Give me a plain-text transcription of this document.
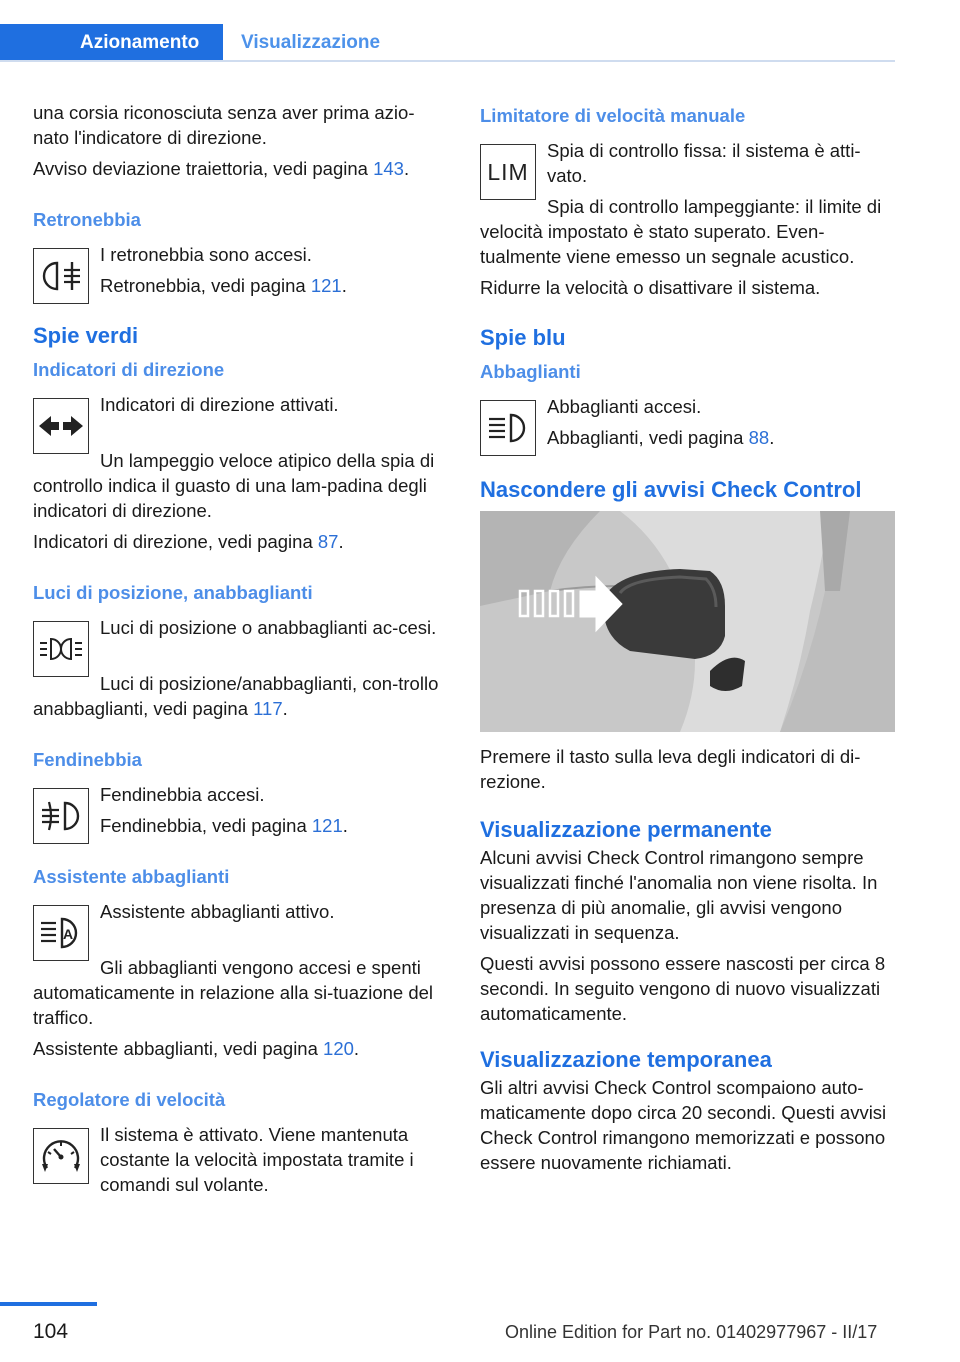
Azionamento	Visualizzazione

una corsia riconosciuta senza aver prima azio‐nato l'indicatore di direzione.

Avviso deviazione traiettoria, vedi pagina 143.

Retronebbia

I retronebbia sono accesi.

Retronebbia, vedi pagina 121.

Spie verdi
Indicatori di direzione

Indicatori di direzione attivati.

Un lampeggio veloce atipico della spia di controllo indica il guasto di una lam‐padina degli indicatori di direzione.

Indicatori di direzione, vedi pagina 87.

Luci di posizione, anabbaglianti

Luci di posizione o anabbaglianti ac‐cesi.

Luci di posizione/anabbaglianti, con‐trollo anabbaglianti, vedi pagina 117.

Fendinebbia

Fendinebbia accesi.

Fendinebbia, vedi pagina 121.

Assistente abbaglianti
A

Assistente abbaglianti attivo.

Gli abbaglianti vengono accesi e spenti automaticamente in relazione alla si‐tuazione del traffico.

Assistente abbaglianti, vedi pagina 120.

Regolatore di velocità

Il sistema è attivato. Viene mantenuta costante la velocità impostata tramite i comandi sul volante.

Limitatore di velocità manuale
LIM

Spia di controllo fissa: il sistema è atti‐vato.

Spia di controllo lampeggiante: il limite di velocità impostato è stato superato. Even‐tualmente viene emesso un segnale acustico.

Ridurre la velocità o disattivare il sistema.

Spie blu
Abbaglianti

Abbaglianti accesi.

Abbaglianti, vedi pagina 88.

Nascondere gli avvisi Check Control

Premere il tasto sulla leva degli indicatori di di‐rezione.

Visualizzazione permanente

Alcuni avvisi Check Control rimangono sempre visualizzati finché l'anomalia non viene risolta. In presenza di più anomalie, gli avvisi vengono visualizzati in sequenza.

Questi avvisi possono essere nascosti per circa 8 secondi. In seguito vengono di nuovo visualizzati automaticamente.

Visualizzazione temporanea

Gli altri avvisi Check Control scompaiono auto‐maticamente dopo circa 20 secondi. Questi avvisi Check Control rimangono memorizzati e possono essere nuovamente richiamati.

104	Online Edition for Part no. 01402977967 - II/17
